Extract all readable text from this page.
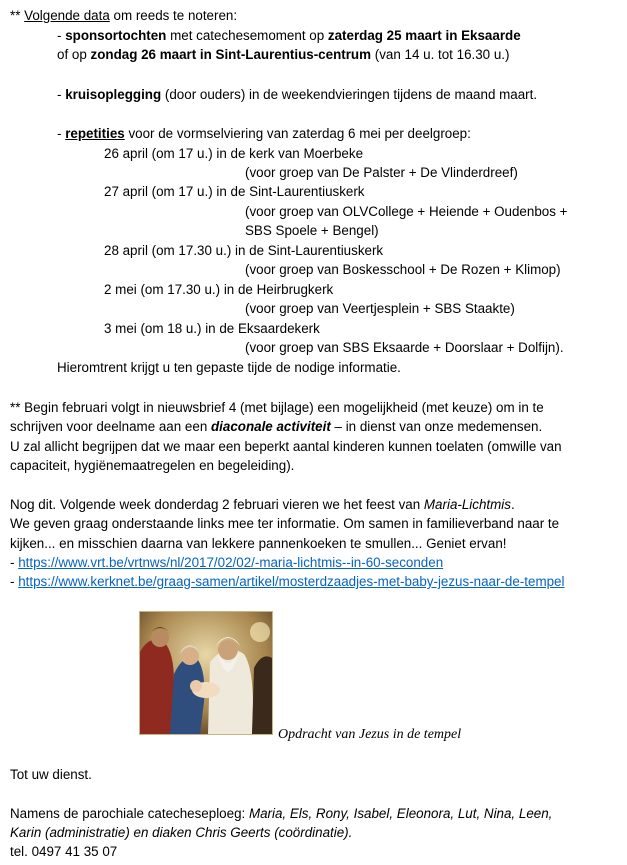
** Volgende data om reeds te noteren:
- sponsortochten met catechesemoment op zaterdag 25 maart in Eksaarde
of op zondag 26 maart in Sint-Laurentius-centrum (van 14 u. tot 16.30 u.)
- kruisoplegging (door ouders) in de weekendvieringen tijdens de maand maart.
- repetities voor de vormselviering van zaterdag 6 mei per deelgroep:
26 april (om 17 u.) in de kerk van Moerbeke
(voor groep van De Palster + De Vlinderdreef)
27 april (om 17 u.) in de Sint-Laurentiuskerk
(voor groep van OLVCollege + Heiende + Oudenbos +
SBS Spoele + Bengel)
28 april (om 17.30 u.) in de Sint-Laurentiuskerk
(voor groep van Boskesschool + De Rozen + Klimop)
2 mei (om 17.30 u.) in de Heirbrugkerk
(voor groep van Veertjesplein + SBS Staakte)
3 mei (om 18 u.) in de Eksaardekerk
(voor groep van SBS Eksaarde + Doorslaar + Dolfijn).
Hieromtrent krijgt u ten gepaste tijde de nodige informatie.
** Begin februari volgt in nieuwsbrief 4 (met bijlage) een mogelijkheid (met keuze) om in te
schrijven voor deelname aan een diaconale activiteit – in dienst van onze medemensen.
U zal allicht begrijpen dat we maar een beperkt aantal kinderen kunnen toelaten (omwille van
capaciteit, hygiënemaatregelen en begeleiding).
Nog dit. Volgende week donderdag 2 februari vieren we het feest van Maria-Lichtmis.
We geven graag onderstaande links mee ter informatie. Om samen in familieverband naar te
kijken... en misschien daarna van lekkere pannenkoeken te smullen... Geniet ervan!
- https://www.vrt.be/vrtnws/nl/2017/02/02/-maria-lichtmis--in-60-seconden
- https://www.kerknet.be/graag-samen/artikel/mosterdzaadjes-met-baby-jezus-naar-de-tempel
Opdracht van Jezus in de tempel
Tot uw dienst.
Namens de parochiale catecheseploeg: Maria, Els, Rony, Isabel, Eleonora, Lut, Nina, Leen,
Karin (administratie) en diaken Chris Geerts (coördinatie).
tel. 0497 41 35 07
